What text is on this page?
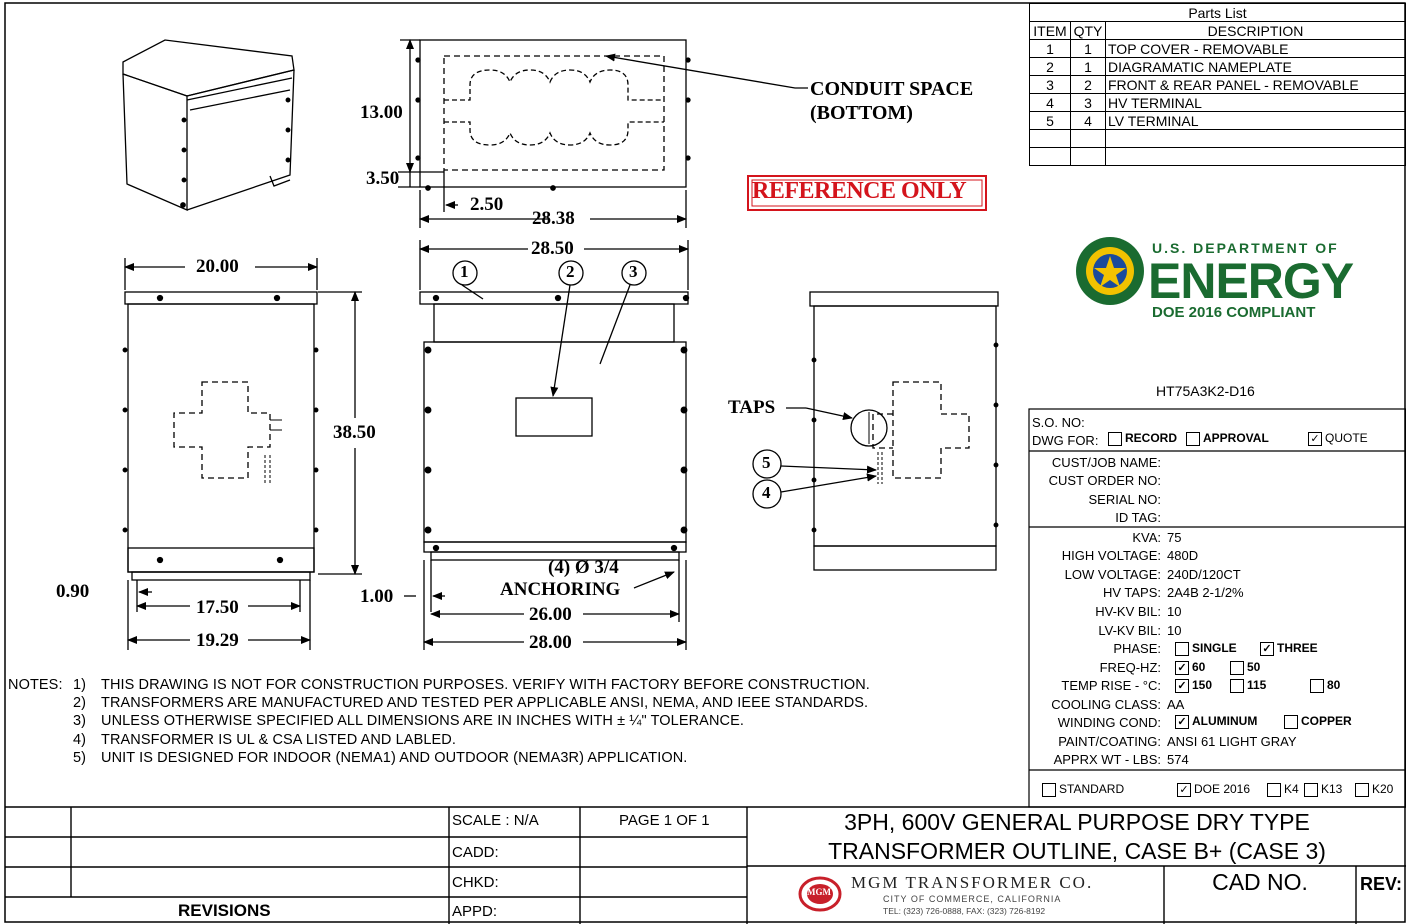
CONDUIT SPACE
(BOTTOM)
REFERENCE ONLY
13.00
3.50
2.50
28.38
28.50
20.00
38.50
0.90
17.50
19.29
1.00
26.00
28.00
(4) Ø 3/4
ANCHORING
TAPS
1	2	3
5
4
Parts List		
ITEM	QTY	DESCRIPTION
1	1	TOP COVER - REMOVABLE
2	1	DIAGRAMATIC NAMEPLATE
3	2	FRONT & REAR PANEL - REMOVABLE
4	3	HV TERMINAL
5	4	LV TERMINAL

U.S. DEPARTMENT OF
ENERGY
DOE 2016 COMPLIANT
HT75A3K2-D16
S.O. NO:
DWG FOR:	RECORD	APPROVAL	✓ QUOTE
CUST/JOB NAME:
CUST ORDER NO:
SERIAL NO:
ID TAG:
KVA: 75
HIGH VOLTAGE: 480D
LOW VOLTAGE: 240D/120CT
HV TAPS: 2A4B 2-1/2%
HV-KV BIL: 10
LV-KV BIL: 10
PHASE:	SINGLE ✓ THREE
FREQ-HZ: ✓ 60	50
TEMP RISE - °C: ✓ 150	115	80
COOLING CLASS: AA
WINDING COND: ✓ ALUMINUM	COPPER
PAINT/COATING: ANSI 61 LIGHT GRAY
APPRX WT - LBS: 574
STANDARD	✓ DOE 2016	K4	K13	K20
NOTES: 1) THIS DRAWING IS NOT FOR CONSTRUCTION PURPOSES. VERIFY WITH FACTORY BEFORE CONSTRUCTION.
2) TRANSFORMERS ARE MANUFACTURED AND TESTED PER APPLICABLE ANSI, NEMA, AND IEEE STANDARDS.
3) UNLESS OTHERWISE SPECIFIED ALL DIMENSIONS ARE IN INCHES WITH ± ¼" TOLERANCE.
4) TRANSFORMER IS UL & CSA LISTED AND LABLED.
5) UNIT IS DESIGNED FOR INDOOR (NEMA1) AND OUTDOOR (NEMA3R) APPLICATION.
REVISIONS
SCALE : N/A	PAGE 1 OF 1
CADD:
CHKD:
APPD:
3PH, 600V GENERAL PURPOSE DRY TYPE
TRANSFORMER OUTLINE, CASE B+ (CASE 3)
MGM MGM TRANSFORMER CO.
CITY OF COMMERCE, CALIFORNIA
TEL: (323) 726-0888, FAX: (323) 726-8192
CAD NO.	REV:
